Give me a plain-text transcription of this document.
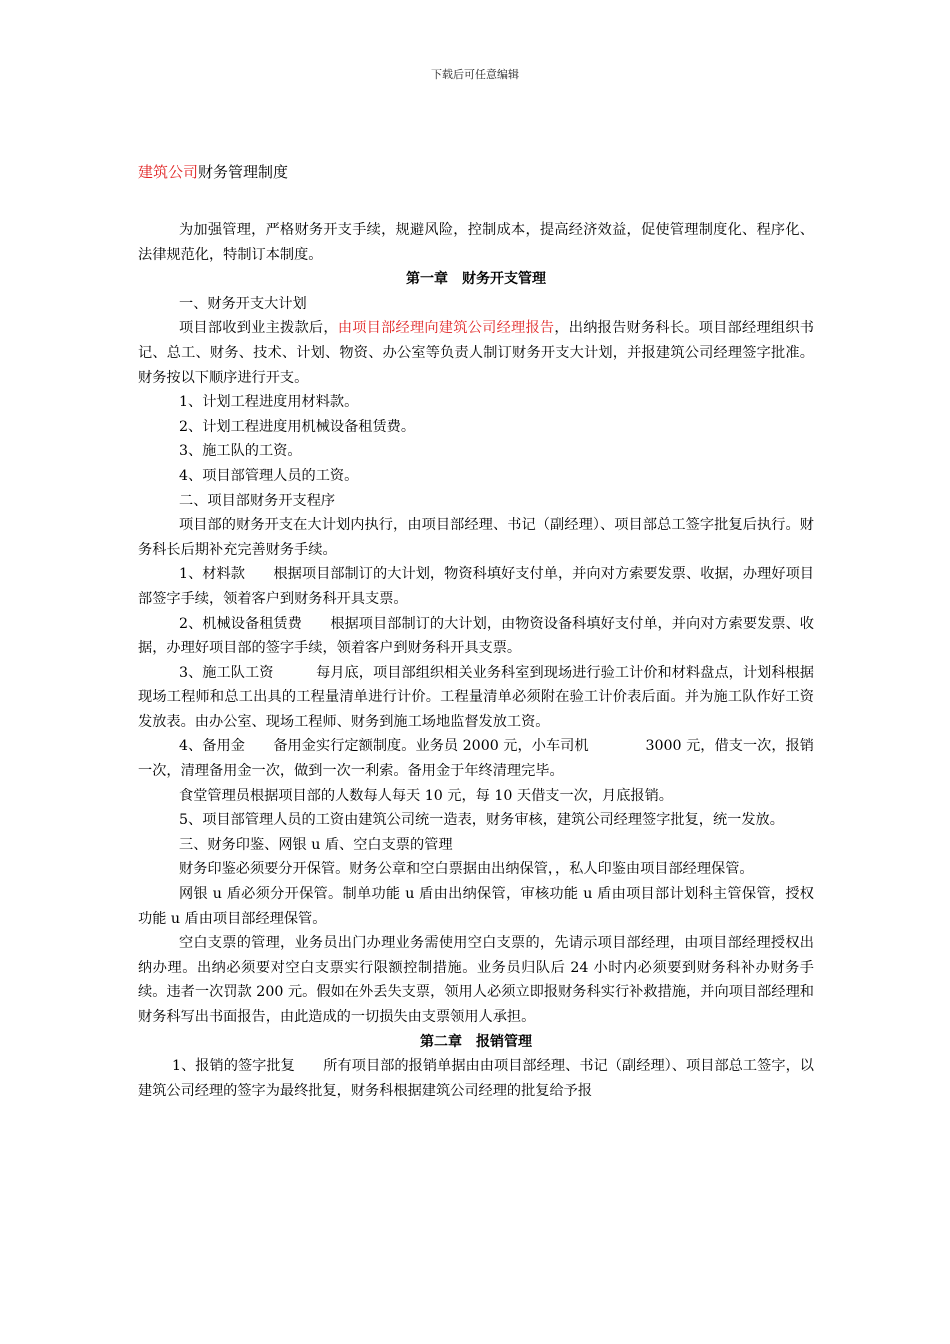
下载后可任意编辑
建筑公司财务管理制度

为加强管理，严格财务开支手续，规避风险，控制成本，提高经济效益，促使管理制度化、程序化、法律规范化，特制订本制度。

第一章　财务开支管理

一、财务开支大计划

项目部收到业主拨款后，由项目部经理向建筑公司经理报告，出纳报告财务科长。项目部经理组织书记、总工、财务、技术、计划、物资、办公室等负责人制订财务开支大计划，并报建筑公司经理签字批准。财务按以下顺序进行开支。

1、计划工程进度用材料款。

2、计划工程进度用机械设备租赁费。

3、施工队的工资。

4、项目部管理人员的工资。

二、项目部财务开支程序

项目部的财务开支在大计划内执行，由项目部经理、书记（副经理）、项目部总工签字批复后执行。财务科长后期补充完善财务手续。

1、材料款　　根据项目部制订的大计划，物资科填好支付单，并向对方索要发票、收据，办理好项目部签字手续，领着客户到财务科开具支票。

2、机械设备租赁费　　根据项目部制订的大计划，由物资设备科填好支付单，并向对方索要发票、收据，办理好项目部的签字手续，领着客户到财务科开具支票。

3、施工队工资　　　每月底，项目部组织相关业务科室到现场进行验工计价和材料盘点，计划科根据现场工程师和总工出具的工程量清单进行计价。工程量清单必须附在验工计价表后面。并为施工队作好工资发放表。由办公室、现场工程师、财务到施工场地监督发放工资。

4、备用金　　备用金实行定额制度。业务员 2000 元，小车司机　　　　3000 元，借支一次，报销一次，清理备用金一次，做到一次一利索。备用金于年终清理完毕。

食堂管理员根据项目部的人数每人每天 10 元，每 10 天借支一次，月底报销。

5、项目部管理人员的工资由建筑公司统一造表，财务审核，建筑公司经理签字批复，统一发放。

三、财务印鉴、网银 u 盾、空白支票的管理

财务印鉴必须要分开保管。财务公章和空白票据由出纳保管，，私人印鉴由项目部经理保管。

网银 u 盾必须分开保管。制单功能 u 盾由出纳保管，审核功能 u 盾由项目部计划科主管保管，授权功能 u 盾由项目部经理保管。

空白支票的管理，业务员出门办理业务需使用空白支票的，先请示项目部经理，由项目部经理授权出纳办理。出纳必须要对空白支票实行限额控制措施。业务员归队后 24 小时内必须要到财务科补办财务手续。违者一次罚款 200 元。假如在外丢失支票，领用人必须立即报财务科实行补救措施，并向项目部经理和财务科写出书面报告，由此造成的一切损失由支票领用人承担。

第二章　报销管理

1、报销的签字批复　　所有项目部的报销单据由由项目部经理、书记（副经理）、项目部总工签字，以建筑公司经理的签字为最终批复，财务科根据建筑公司经理的批复给予报
